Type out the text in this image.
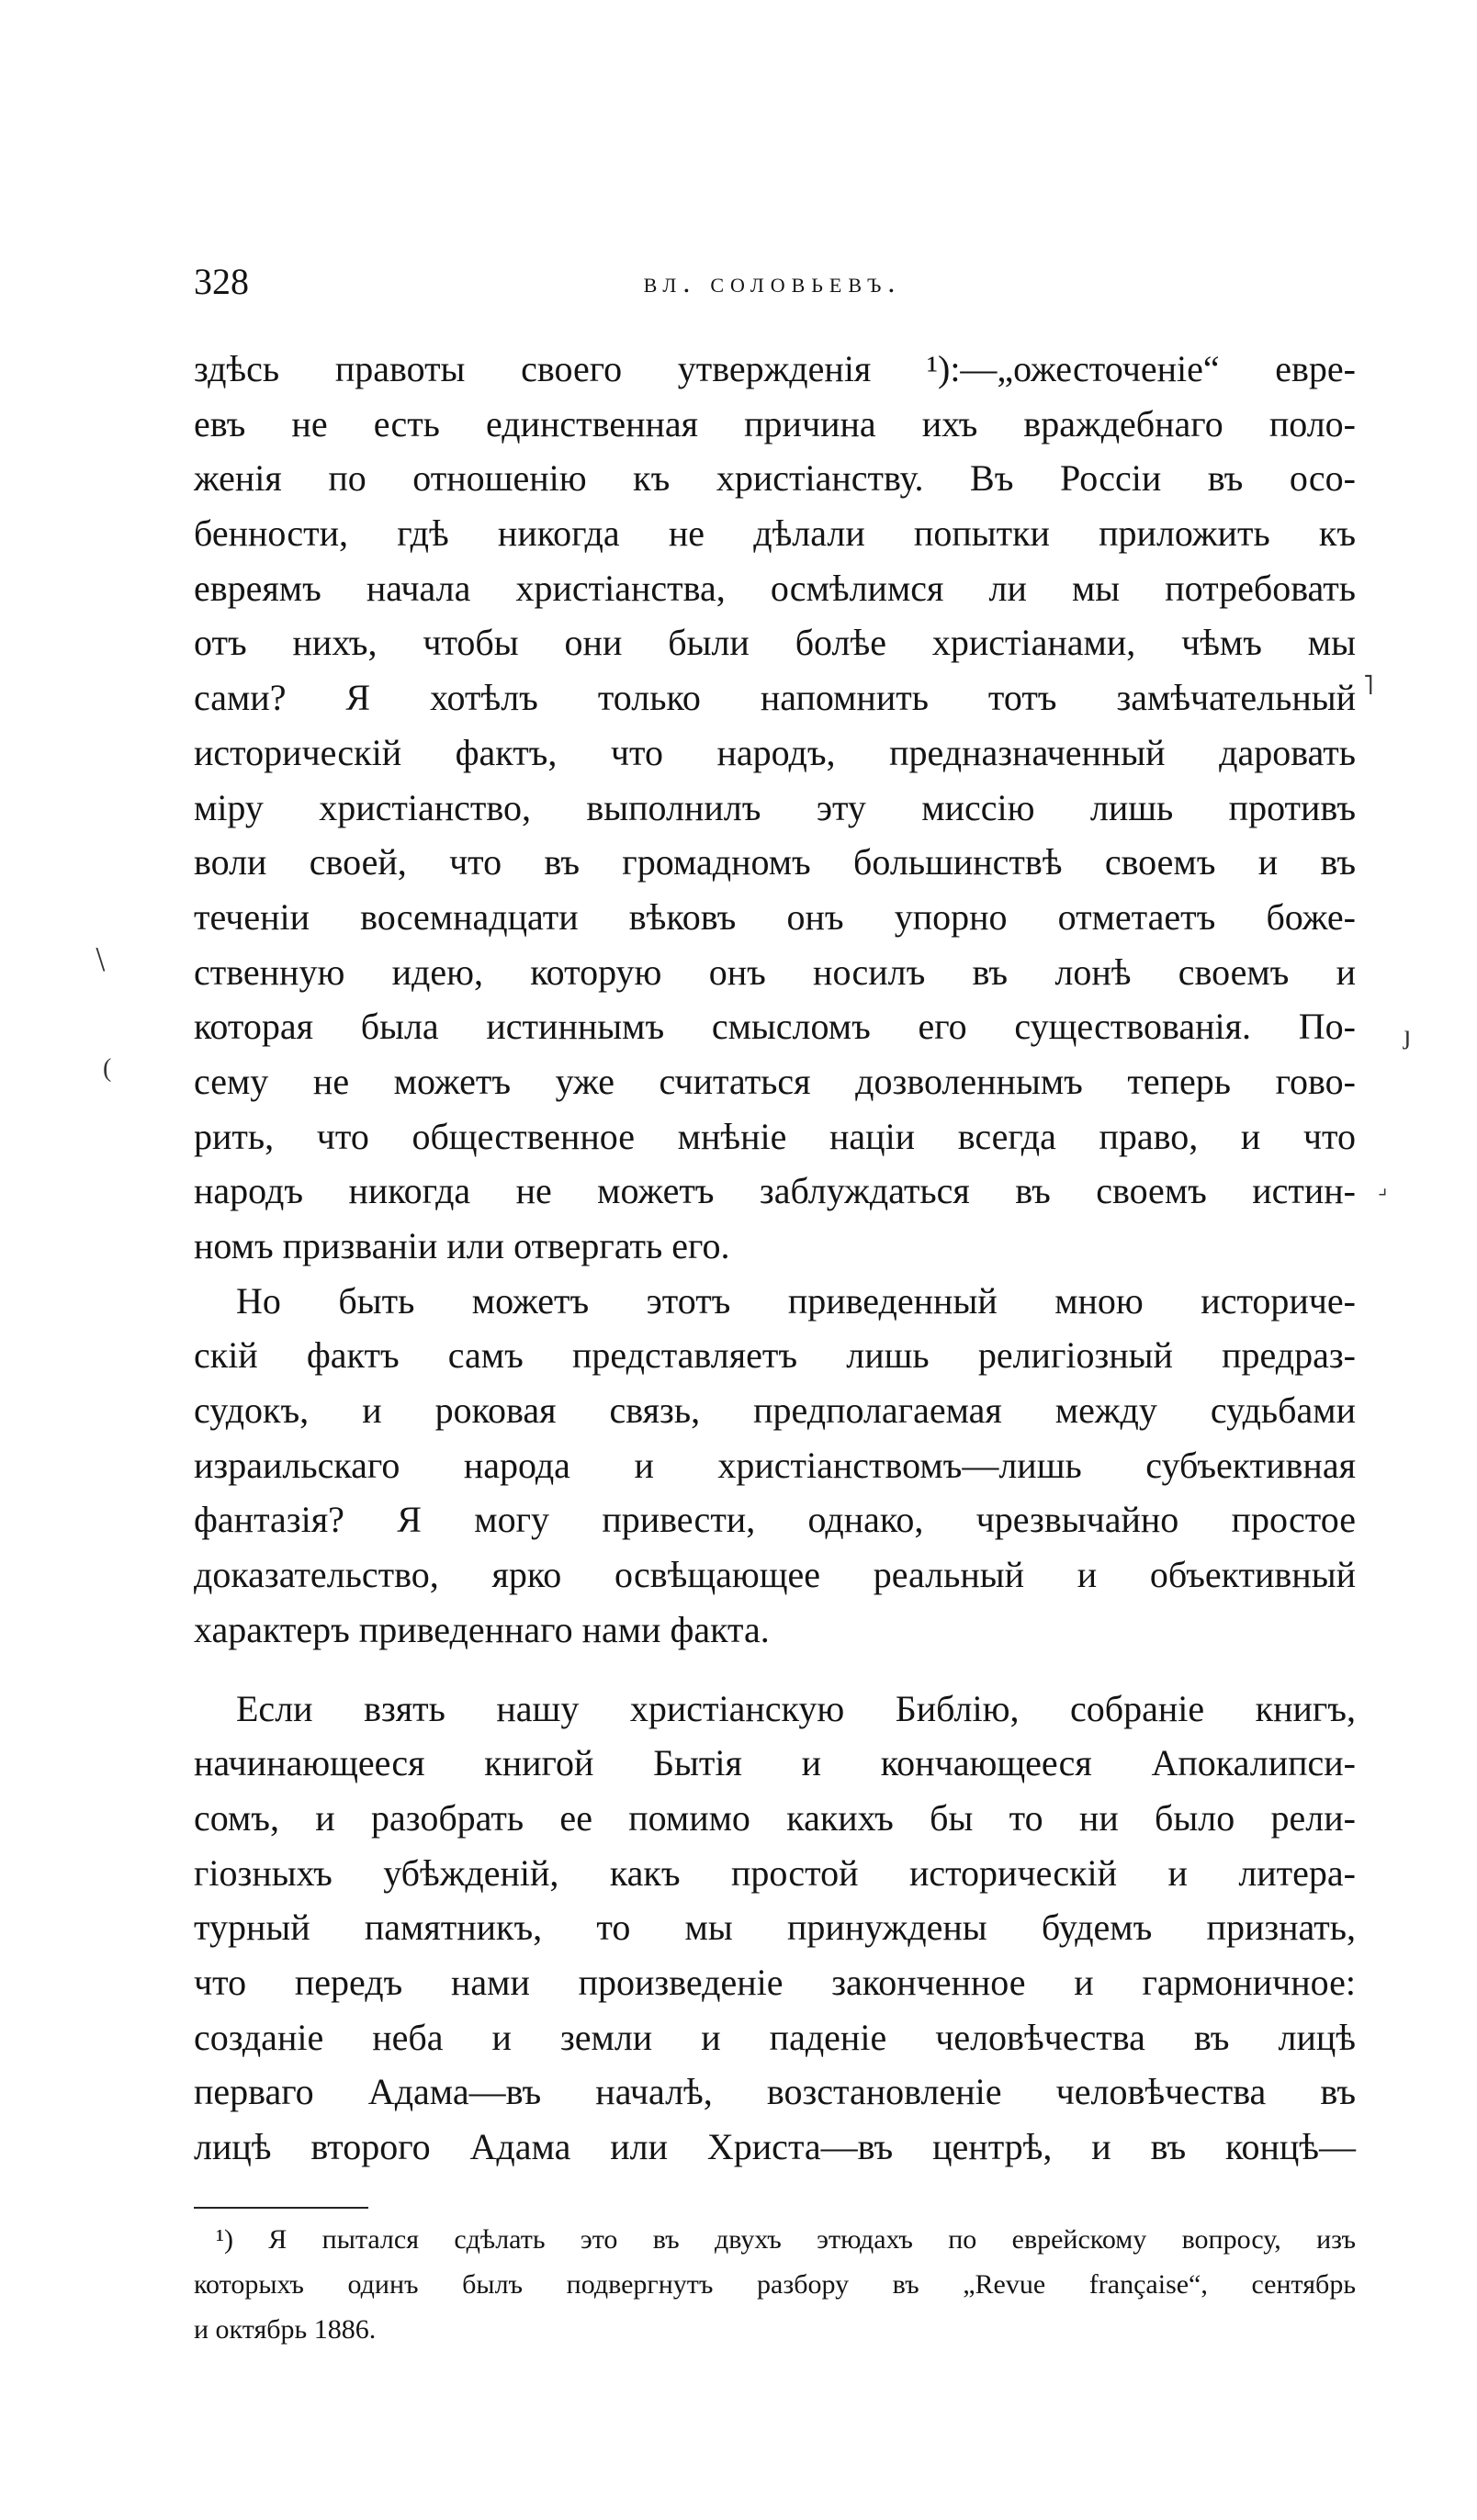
328	вл. соловьевъ.
здѣсь правоты своего утвержденія ¹):—„ожесточеніе“ евре-
евъ не есть единственная причина ихъ враждебнаго поло-
женія по отношенію къ христіанству. Въ Россіи въ осо-
бенности, гдѣ никогда не дѣлали попытки приложить къ
евреямъ начала христіанства, осмѣлимся ли мы потребовать
отъ нихъ, чтобы они были болѣе христіанами, чѣмъ мы
сами? Я хотѣлъ только напомнить тотъ замѣчательный
историческій фактъ, что народъ, предназначенный даровать
міру христіанство, выполнилъ эту миссію лишь противъ
воли своей, что въ громадномъ большинствѣ своемъ и въ
теченіи восемнадцати вѣковъ онъ упорно отметаетъ боже-
ственную идею, которую онъ носилъ въ лонѣ своемъ и
которая была истиннымъ смысломъ его существованія. По-
сему не можетъ уже считаться дозволеннымъ теперь гово-
рить, что общественное мнѣніе націи всегда право, и что
народъ никогда не можетъ заблуждаться въ своемъ истин-
номъ призваніи или отвергать его.
Но быть можетъ этотъ приведенный мною историче-
скій фактъ самъ представляетъ лишь религіозный предраз-
судокъ, и роковая связь, предполагаемая между судьбами
израильскаго народа и христіанствомъ—лишь субъективная
фантазія? Я могу привести, однако, чрезвычайно простое
доказательство, ярко освѣщающее реальный и объективный
характеръ приведеннаго нами факта.
Если взять нашу христіанскую Библію, собраніе книгъ,
начинающееся книгой Бытія и кончающееся Апокалипси-
сомъ, и разобрать ее помимо какихъ бы то ни было рели-
гіозныхъ убѣжденій, какъ простой историческій и литера-
турный памятникъ, то мы принуждены будемъ признать,
что передъ нами произведеніе законченное и гармоничное:
созданіе неба и земли и паденіе человѣчества въ лицѣ
перваго Адама—въ началѣ, возстановленіе человѣчества въ
лицѣ второго Адама или Христа—въ центрѣ, и въ концѣ—
¹) Я пытался сдѣлать это въ двухъ этюдахъ по еврейскому вопросу, изъ
которыхъ одинъ былъ подвергнутъ разбору въ „Revue française“, сентябрь
и октябрь 1886.
˥
ȷ
⌟
⧵
(
